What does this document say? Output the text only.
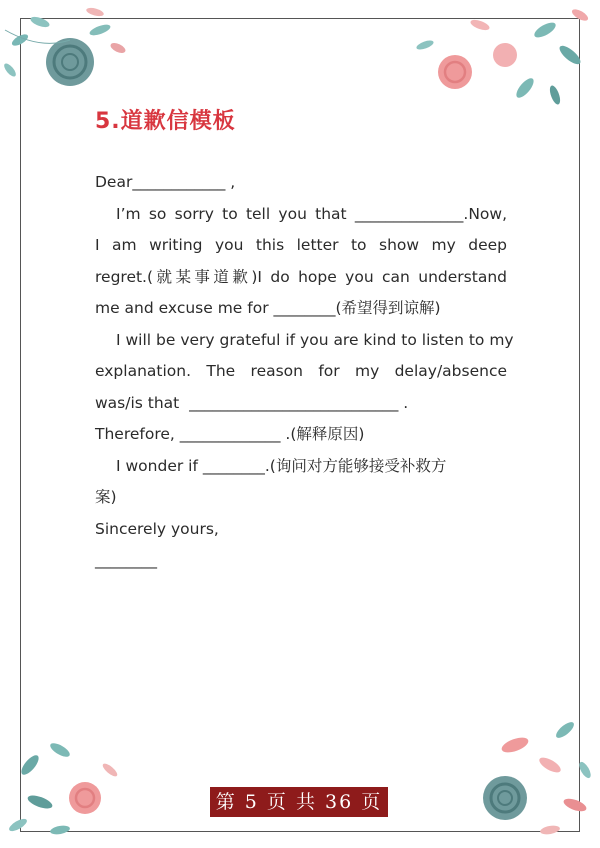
5.道歉信模板
Dear____________ ,
I’m so sorry to tell you that ______________.Now,
I am writing you this letter to show my deep
regret.(就某事道歉)I do hope you can understand
me and excuse me for ________(希望得到谅解)
I will be very grateful if you are kind to listen to my
explanation. The reason for my delay/absence
was/is that  ___________________________ .
Therefore, _____________ .(解释原因)
I wonder if ________.(询问对方能够接受补救方
案)
Sincerely yours,
________
第 5 页 共 36 页
